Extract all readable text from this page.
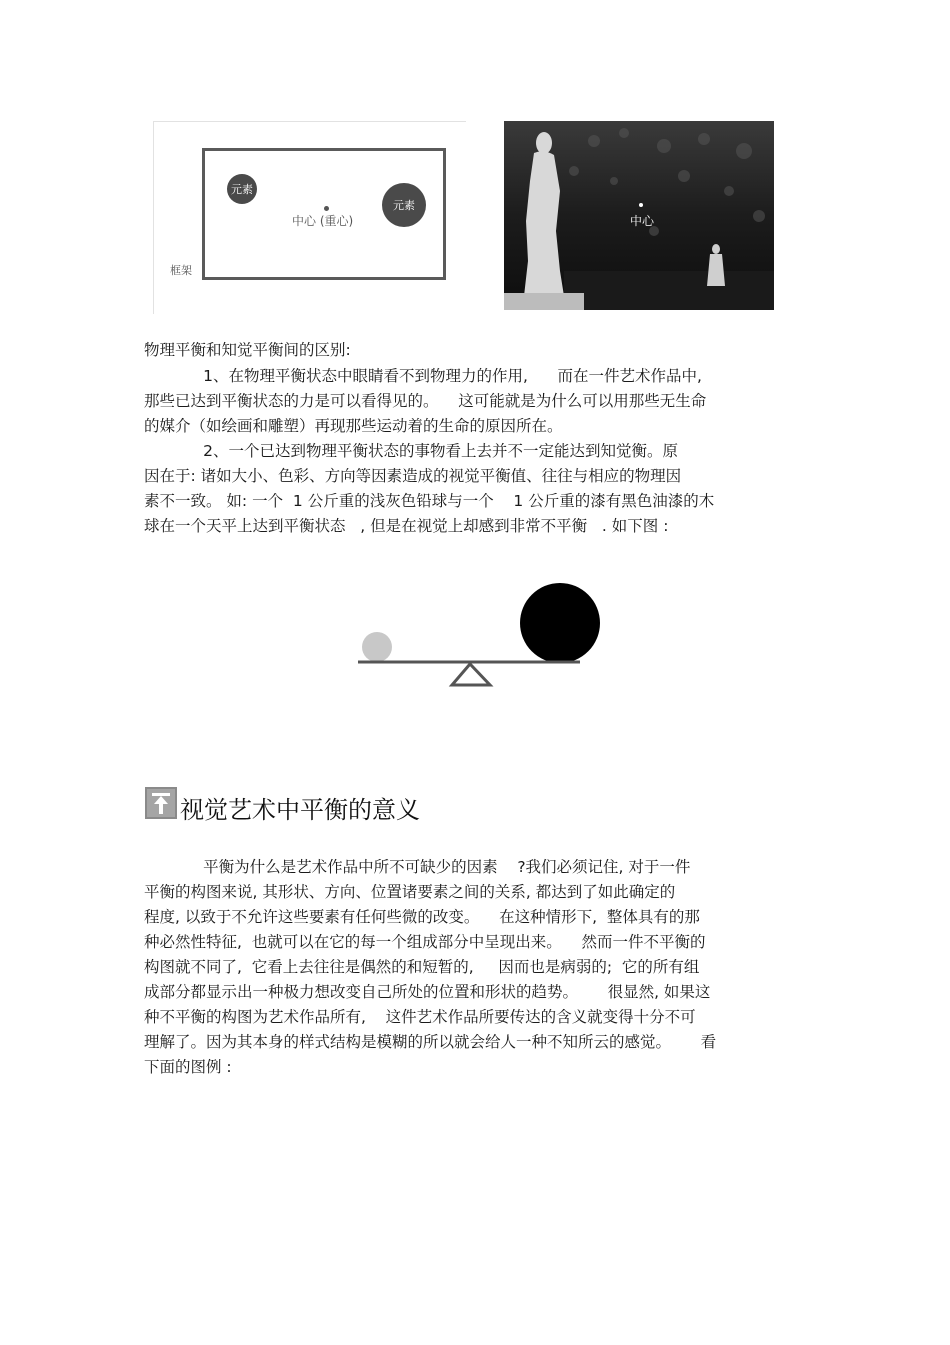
元素
元素
中心 (重心)
框架
中心
物理平衡和知觉平衡间的区别:
1、在物理平衡状态中眼睛看不到物理力的作用,      而在一件艺术作品中,
那些已达到平衡状态的力是可以看得见的。    这可能就是为什么可以用那些无生命
的媒介（如绘画和雕塑）再现那些运动着的生命的原因所在。
2、一个已达到物理平衡状态的事物看上去并不一定能达到知觉衡。原
因在于: 诸如大小、色彩、方向等因素造成的视觉平衡值、往往与相应的物理因
素不一致。 如: 一个  1 公斤重的浅灰色铅球与一个    1 公斤重的漆有黑色油漆的木
球在一个天平上达到平衡状态   , 但是在视觉上却感到非常不平衡   . 如下图 :
视觉艺术中平衡的意义
平衡为什么是艺术作品中所不可缺少的因素    ?我们必须记住, 对于一件
平衡的构图来说, 其形状、方向、位置诸要素之间的关系, 都达到了如此确定的
程度, 以致于不允许这些要素有任何些微的改变。    在这种情形下,  整体具有的那
种必然性特征,  也就可以在它的每一个组成部分中呈现出来。    然而一件不平衡的
构图就不同了,  它看上去往往是偶然的和短暂的,     因而也是病弱的;  它的所有组
成部分都显示出一种极力想改变自己所处的位置和形状的趋势。      很显然, 如果这
种不平衡的构图为艺术作品所有,    这件艺术作品所要传达的含义就变得十分不可
理解了。因为其本身的样式结构是模糊的所以就会给人一种不知所云的感觉。      看
下面的图例 :
